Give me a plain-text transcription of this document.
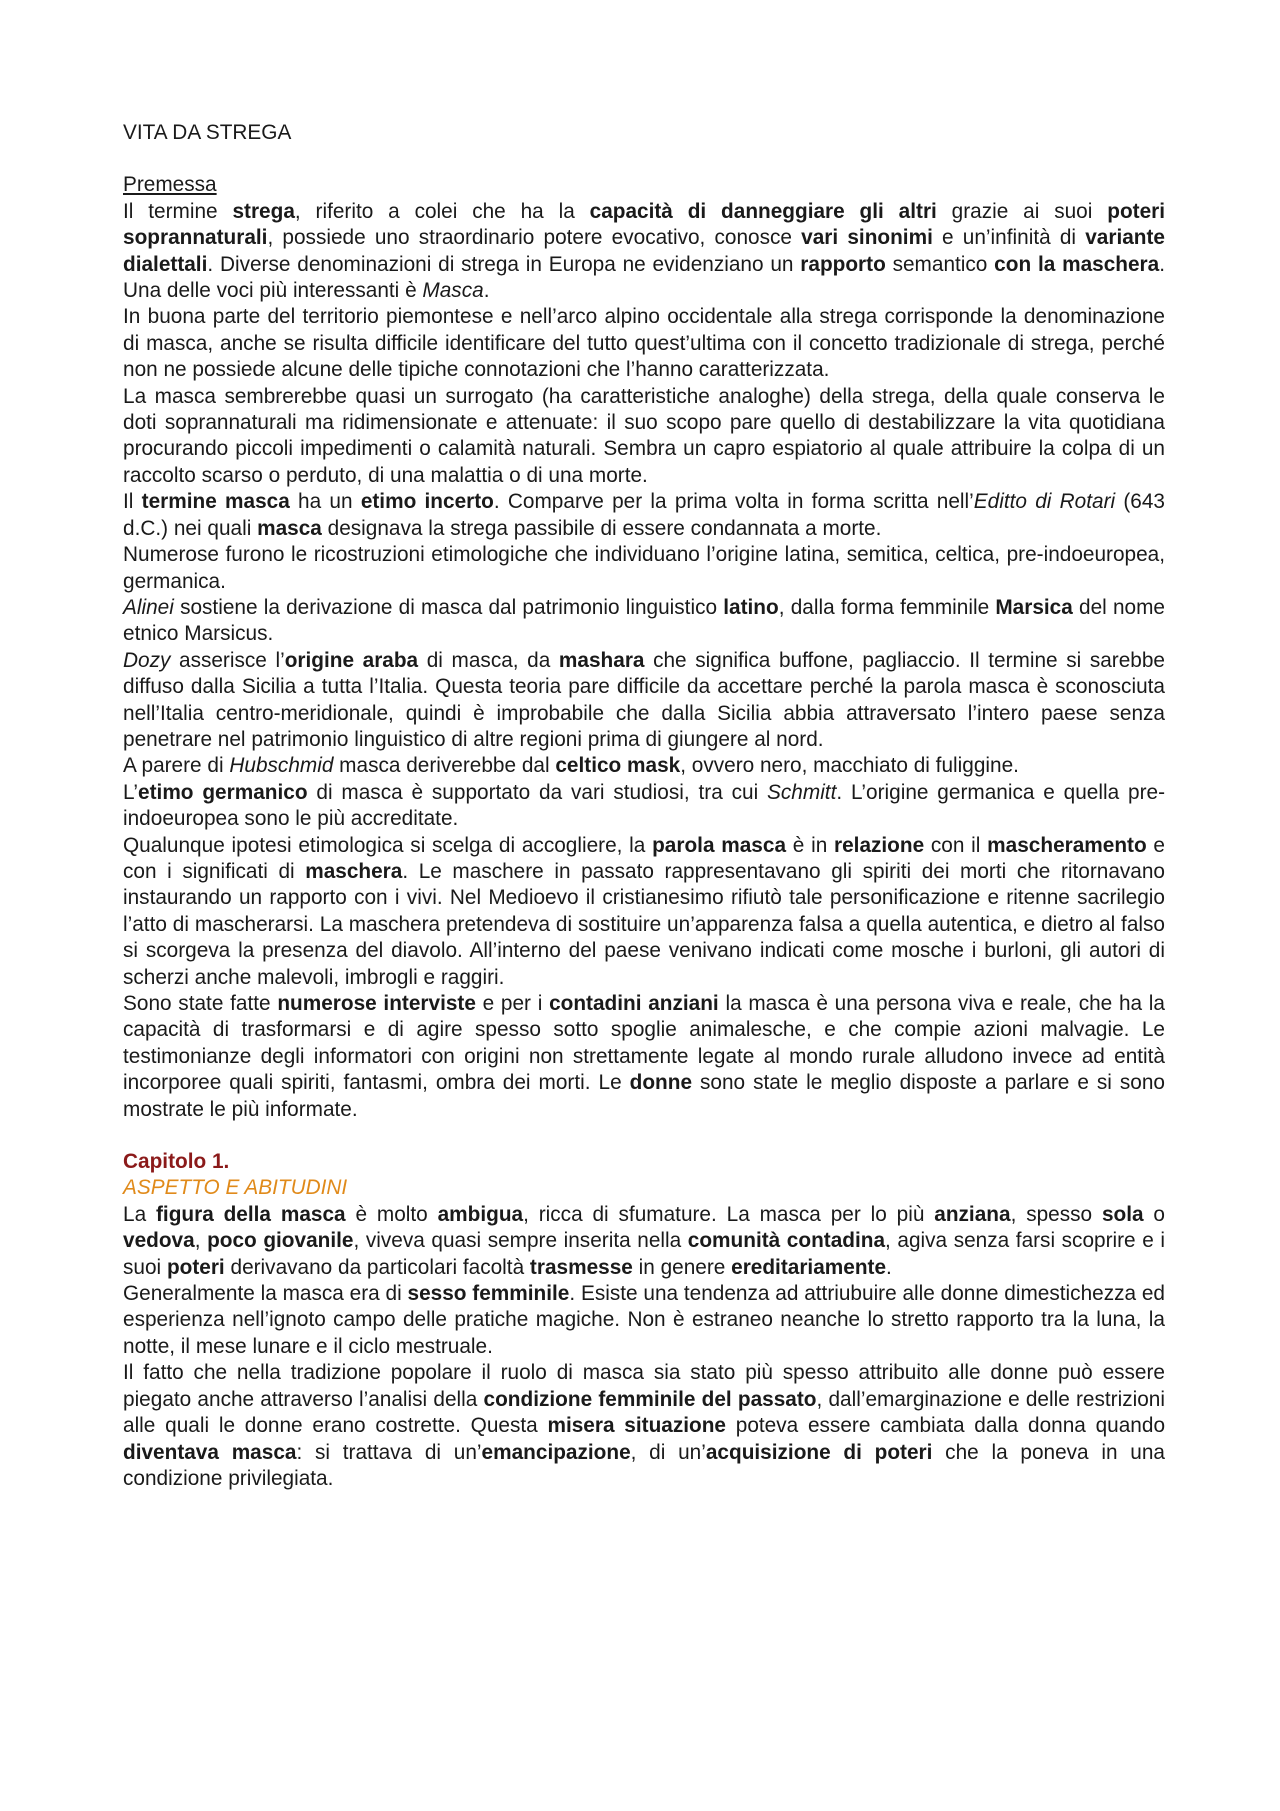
VITA DA STREGA
Premessa

Il termine strega, riferito a colei che ha la capacità di danneggiare gli altri grazie ai suoi poteri soprannaturali, possiede uno straordinario potere evocativo, conosce vari sinonimi e un’infinità di variante dialettali. Diverse denominazioni di strega in Europa ne evidenziano un rapporto semantico con la maschera. Una delle voci più interessanti è Masca.

In buona parte del territorio piemontese e nell’arco alpino occidentale alla strega corrisponde la denominazione di masca, anche se risulta difficile identificare del tutto quest’ultima con il concetto tradizionale di strega, perché non ne possiede alcune delle tipiche connotazioni che l’hanno caratterizzata.

La masca sembrerebbe quasi un surrogato (ha caratteristiche analoghe) della strega, della quale conserva le doti soprannaturali ma ridimensionate e attenuate: il suo scopo pare quello di destabilizzare la vita quotidiana procurando piccoli impedimenti o calamità naturali. Sembra un capro espiatorio al quale attribuire la colpa di un raccolto scarso o perduto, di una malattia o di una morte.

Il termine masca ha un etimo incerto. Comparve per la prima volta in forma scritta nell’Editto di Rotari (643 d.C.) nei quali masca designava la strega passibile di essere condannata a morte.

Numerose furono le ricostruzioni etimologiche che individuano l’origine latina, semitica, celtica, pre-indoeuropea, germanica.

Alinei sostiene la derivazione di masca dal patrimonio linguistico latino, dalla forma femminile Marsica del nome etnico Marsicus.

Dozy asserisce l’origine araba di masca, da mashara che significa buffone, pagliaccio. Il termine si sarebbe diffuso dalla Sicilia a tutta l’Italia. Questa teoria pare difficile da accettare perché la parola masca è sconosciuta nell’Italia centro-meridionale, quindi è improbabile che dalla Sicilia abbia attraversato l’intero paese senza penetrare nel patrimonio linguistico di altre regioni prima di giungere al nord.

A parere di Hubschmid masca deriverebbe dal celtico mask, ovvero nero, macchiato di fuliggine.

L’etimo germanico di masca è supportato da vari studiosi, tra cui Schmitt. L’origine germanica e quella pre-indoeuropea sono le più accreditate.

Qualunque ipotesi etimologica si scelga di accogliere, la parola masca è in relazione con il mascheramento e con i significati di maschera. Le maschere in passato rappresentavano gli spiriti dei morti che ritornavano instaurando un rapporto con i vivi. Nel Medioevo il cristianesimo rifiutò tale personificazione e ritenne sacrilegio l’atto di mascherarsi. La maschera pretendeva di sostituire un’apparenza falsa a quella autentica, e dietro al falso si scorgeva la presenza del diavolo. All’interno del paese venivano indicati come mosche i burloni, gli autori di scherzi anche malevoli, imbrogli e raggiri.

Sono state fatte numerose interviste e per i contadini anziani la masca è una persona viva e reale, che ha la capacità di trasformarsi e di agire spesso sotto spoglie animalesche, e che compie azioni malvagie. Le testimonianze degli informatori con origini non strettamente legate al mondo rurale alludono invece ad entità incorporee quali spiriti, fantasmi, ombra dei morti. Le donne sono state le meglio disposte a parlare e si sono mostrate le più informate.

Capitolo 1.
ASPETTO E ABITUDINI

La figura della masca è molto ambigua, ricca di sfumature. La masca per lo più anziana, spesso sola o vedova, poco giovanile, viveva quasi sempre inserita nella comunità contadina, agiva senza farsi scoprire e i suoi poteri derivavano da particolari facoltà trasmesse in genere ereditariamente.

Generalmente la masca era di sesso femminile. Esiste una tendenza ad attriubuire alle donne dimestichezza ed esperienza nell’ignoto campo delle pratiche magiche. Non è estraneo neanche lo stretto rapporto tra la luna, la notte, il mese lunare e il ciclo mestruale.

Il fatto che nella tradizione popolare il ruolo di masca sia stato più spesso attribuito alle donne può essere piegato anche attraverso l’analisi della condizione femminile del passato, dall’emarginazione e delle restrizioni alle quali le donne erano costrette. Questa misera situazione poteva essere cambiata dalla donna quando diventava masca: si trattava di un’emancipazione, di un’acquisizione di poteri che la poneva in una condizione privilegiata.
